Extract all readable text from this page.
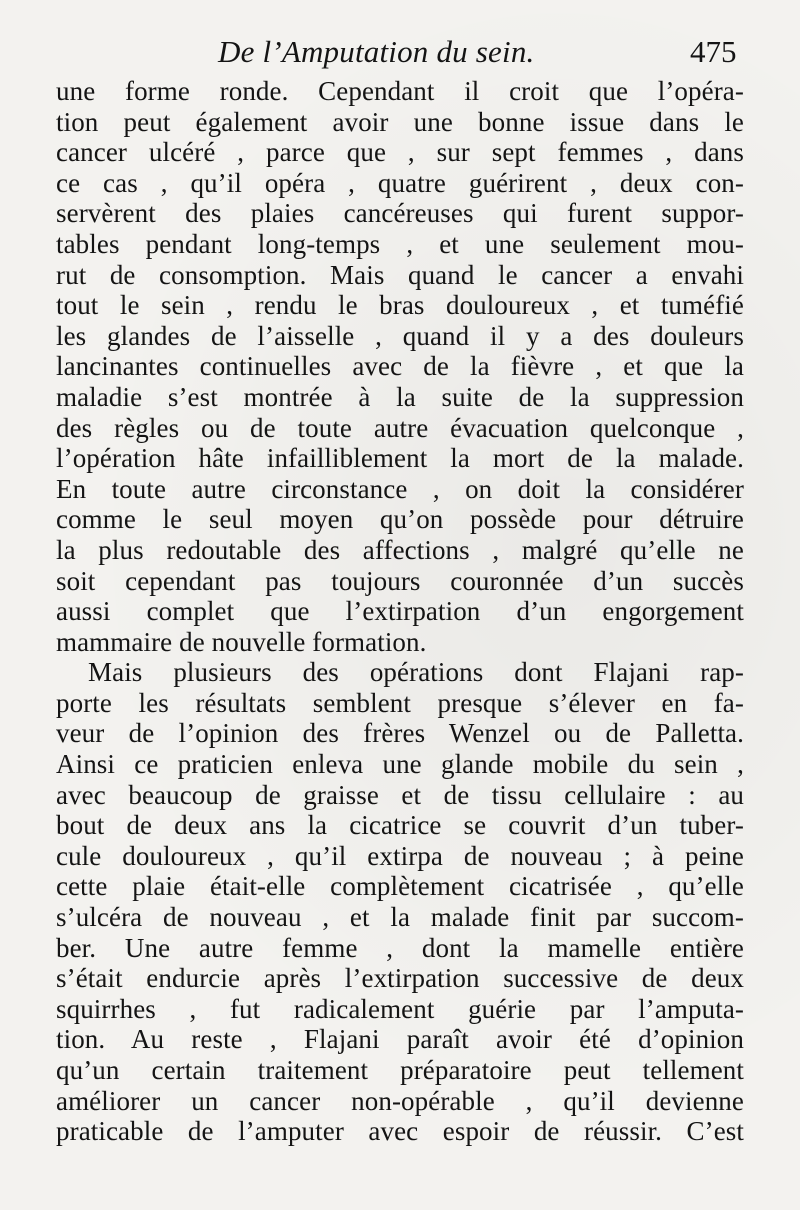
De l’Amputation du sein.	475
une forme ronde. Cependant il croit que l’opéra-
tion peut également avoir une bonne issue dans le
cancer ulcéré , parce que , sur sept femmes , dans
ce cas , qu’il opéra , quatre guérirent , deux con-
servèrent des plaies cancéreuses qui furent suppor-
tables pendant long-temps , et une seulement mou-
rut de consomption. Mais quand le cancer a envahi
tout le sein , rendu le bras douloureux , et tuméfié
les glandes de l’aisselle , quand il y a des douleurs
lancinantes continuelles avec de la fièvre , et que la
maladie s’est montrée à la suite de la suppression
des règles ou de toute autre évacuation quelconque ,
l’opération hâte infailliblement la mort de la malade.
En toute autre circonstance , on doit la considérer
comme le seul moyen qu’on possède pour détruire
la plus redoutable des affections , malgré qu’elle ne
soit cependant pas toujours couronnée d’un succès
aussi complet que l’extirpation d’un engorgement
mammaire de nouvelle formation.
Mais plusieurs des opérations dont Flajani rap-
porte les résultats semblent presque s’élever en fa-
veur de l’opinion des frères Wenzel ou de Palletta.
Ainsi ce praticien enleva une glande mobile du sein ,
avec beaucoup de graisse et de tissu cellulaire : au
bout de deux ans la cicatrice se couvrit d’un tuber-
cule douloureux , qu’il extirpa de nouveau ; à peine
cette plaie était-elle complètement cicatrisée , qu’elle
s’ulcéra de nouveau , et la malade finit par succom-
ber. Une autre femme , dont la mamelle entière
s’était endurcie après l’extirpation successive de deux
squirrhes , fut radicalement guérie par l’amputa-
tion. Au reste , Flajani paraît avoir été d’opinion
qu’un certain traitement préparatoire peut tellement
améliorer un cancer non-opérable , qu’il devienne
praticable de l’amputer avec espoir de réussir. C’est
